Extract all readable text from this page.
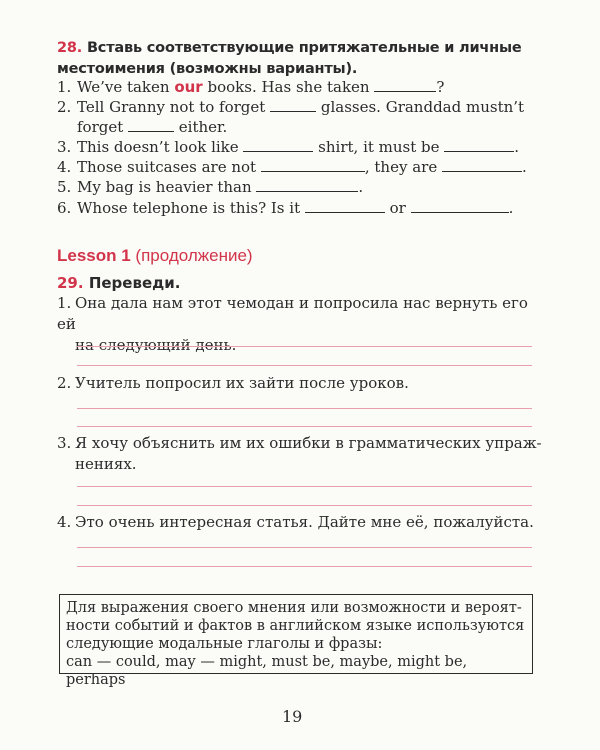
28. Вставь соответствующие притяжательные и личные местоимения (возможны варианты).
1. We’ve taken our books. Has she taken	?
2. Tell Granny not to forget	glasses. Granddad mustn’t
forget	either.
3. This doesn’t look like	shirt, it must be	.
4. Those suitcases are not	, they are	.
5. My bag is heavier than	.
6. Whose telephone is this? Is it	or	.
Lesson 1 (продолжение)
29. Переведи.
1. Она дала нам этот чемодан и попросила нас вернуть его ей
на следующий день.
2. Учитель попросил их зайти после уроков.
3. Я хочу объяснить им их ошибки в грамматических упраж-
нениях.
4. Это очень интересная статья. Дайте мне её, пожалуйста.
Для выражения своего мнения или возможности и вероят-
ности событий и фактов в английском языке используются
следующие модальные глаголы и фразы:
can — could, may — might, must be, maybe, might be, perhaps
19
